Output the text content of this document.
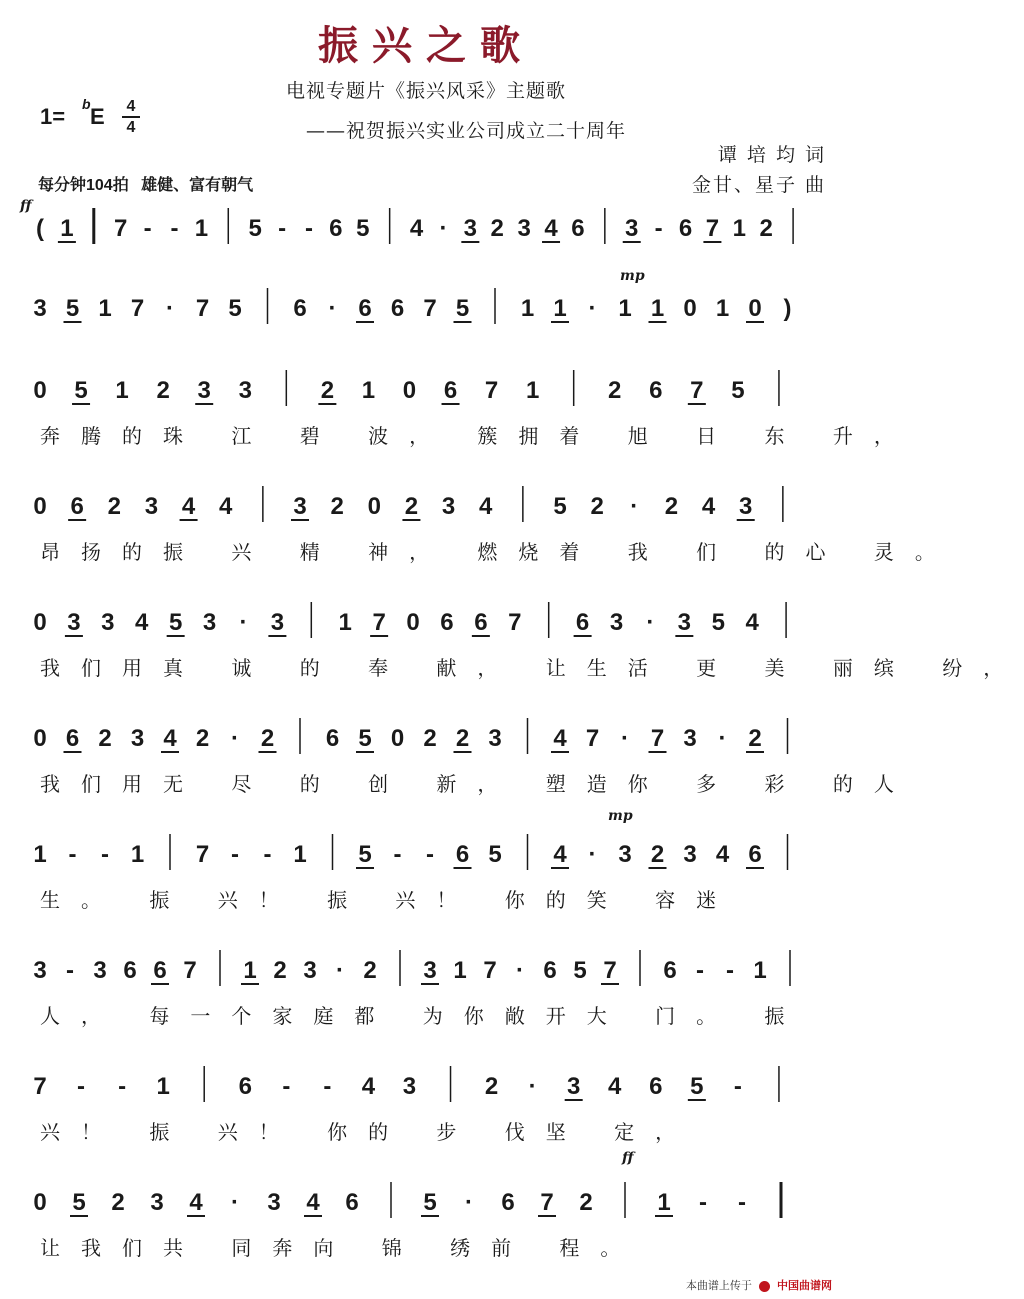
振兴之歌
1= b E 4
4
电视专题片《振兴风采》主题歌
——祝贺振兴实业公司成立二十周年
谭 培 均 词
金甘、星子 曲
每分钟104拍 雄健、富有朝气
( 1 7 - - 1 5 - - 6 5 4 · 3 2 3 4 6 3 - 6 7 1 2
3 5 1 7 · 7 5 6 · 6 6 7 5 1 1 · 1 1 0 1 0 )
0 5 1 2 3 3	2 1 0 6 7 1	2 6 7 5
奔腾的珠 江 碧 波， 簇拥着 旭 日 东 升，
0 6 2 3 4 4	3 2 0 2 3 4	5 2 · 2 4 3
昂扬的振 兴 精 神， 燃烧着 我 们 的心 灵。
0 3 3 4 5 3 · 3 1 7 0 6 6 7 6 3 · 3 5 4
我们用真 诚 的 奉 献， 让生活 更 美 丽缤 纷，
0 6 2 3 4 2 · 2 6 5 0 2 2 3 4 7 · 7 3 · 2
我们用无 尽 的 创 新， 塑造你 多 彩 的人
1 - - 1 7 - - 1 5 - - 6 5 4 · 3 2 3 4 6
生。 振 兴！ 振 兴！ 你的笑 容迷
3 - 3 6 6 7 1 2 3 · 2 3 1 7 · 6 5 7 6 - - 1
人， 每一个家庭都 为你敞开大 门。 振
7 - - 1	6 - - 4 3	2 · 3 4 6 5 -
兴！ 振 兴！ 你的 步 伐坚 定，
0 5 2 3 4 · 3 4 6	5 · 6 7 2	1 - -
让我们共 同奔向 锦 绣前 程。
本曲谱上传于 中国曲谱网
ff
mp
mp
ff
